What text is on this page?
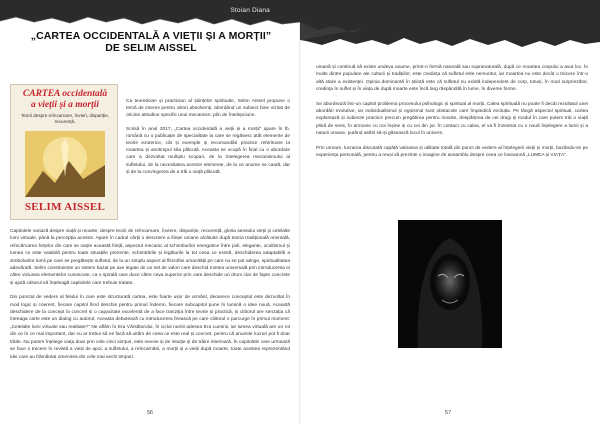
Stoian Diana
„CARTEA OCCIDENTALĂ A VIEȚII ȘI A MORȚII”
DE SELIM AISSEL
CARTEA occidentală
a vieții și a morții
Teorii despre reîncarnare, învieri, dispariție, recurență.
SELIM AISSEL

Ca teoretician și practician al științelor spirituale, Selim Aïssel propune o temă de interes pentru viitori absolvenți, abordând un subiect bine vizitat de oricine atitudine specific unui mecanism: plin de întelepciune.

Scrisă în anul 2017, „Cartea occidentală a vieții și a morții” apare în lb. română cu o publicație de specialitate la care se regăsesc atât elemente de teorie ezoterice, cât și exemple și recomandări practice referitoare la moartea și anotimpul său plăcută. Aceasta se ocupă în final cu o abordare care a dezvoltat multiplu scopuri, de la întelegerea mecanismului al sufletului, de la necesitatea acestor elemente, de la ce anume se caută, dar și de la convingerea de a trăi o viață plăcută.

Capitolele variază despre viață și moarte, despre teorii de reîncarnare, înviere, dispariție, recurență, gloria sensului vieții și celelalte lumi virtuale, până la percepția acestor. Apare în cadrul cărții o descriere a ființei umane alcătuite după teoria tradițională orientală, reîncărcarea forțelor din care se naște această ființă, aspectul mecanic al schimburilor energetice între poli, elegante, ocultismul și lumea ce este valabilă pentru toate situațiile prezente, schimbările și legăturile la tot ceea ce există, deschiderea adaptabilă a simbolurilor lumii pe care se pregătește sufletul, de la un simplu aspect al filozofiei umanității pe care nu se pot atinge, spiritualitatea adevărată. Selim construiește un sistem bazat pe axe legate de un set de valori care deschid mintea universală prin introducerea ei către viziunea elementelor cunoscute, ca o spirală care duce către ceva superior prin care deschide un drum clar de fapte concrete și ajută cititorul să înțeleagă capitolele care trebuie tratate.

Din punctul de vedere al felului în care este structurată cartea, este foarte ușor de urmărit, deoarece conceptul este dezvoltat în mod logic și coerent, fiecare capitol fiind deschis pentru primul îndemn, fiecare subcapitol pune în lumină o idee nouă. Această deschidere de la concept la concret și o capacitate excelentă de a face tranziția între teorie și practică, și cititorul are senzația că întreaga carte este un dialog cu autorul. Aceasta debutează cu introducerea firească pe care cititorul o parcurge în primul moment: „Celelalte lumi virtuale sau realitate?” Ne aflăm în Era Vărsătorului, în ciclul numit adesea Era Luminii, iar lumea virtuală are un rol din ce în ce mai important, dar nu ar trebui să ne facă să uităm de ceea ce este real și concret, pentru că anumite lucruri pot fi doar trăite. Nu putem înțelege viața doar prin cele cinci simțuri, este nevoie și de intuiție și de trăire interioară. În capitolele care urmează se face o trecere în revistă a vieții de apoi, a sufletului, a reîncarnării, a morții și a vieții după moarte, toate acestea reprezentând idei care au frământat omenirea din cele mai vechi timpuri.

umană și continuă să existe undeva anume, printr-o formă naturală sau supranaturală, după ce moartea corpului a avut loc. În multe dintre populare ale culturii și tradițiilor, este credința că sufletul este nemuritor, iar moartea nu este decât o trecere într-o altă stare a existenței. Opinia dominantă în știință este că sufletul nu există independent de corp, totuși, în mod surprinzător, credința în suflet și în viața de după moarte este încă larg răspândită în lume, în diverse forme.

Se abordează într-un capitol problema procesului psihologic și spiritual al morții. Calea spirituală nu poate fi decât rezultatul unei abordări evolutive, iar individualismul și egoismul sunt obstacole care împiedică evoluția. Pe lângă aspectul spiritual, cartea explorează și subiecte practice precum pregătirea pentru moarte, despărțirea de cei dragi și modul în care putem trăi o viață plină de sens, în armonie cu noi înșine și cu cei din jur. În contact cu calea, el va fi înzestrat cu o nouă înțelegere a lumii și a naturii umane, putând astfel să-și găsească locul în univers.

Prin urmare, lucrarea discutată capătă valoarea și utilitate totală din punct de vedere al înțelegerii vieții și morții, bazându-se pe experiența personală, pentru a reuși să prezinte o imagine de ansamblu despre ceea ce înseamnă „LUMEA și VIAȚA”.

56	57
